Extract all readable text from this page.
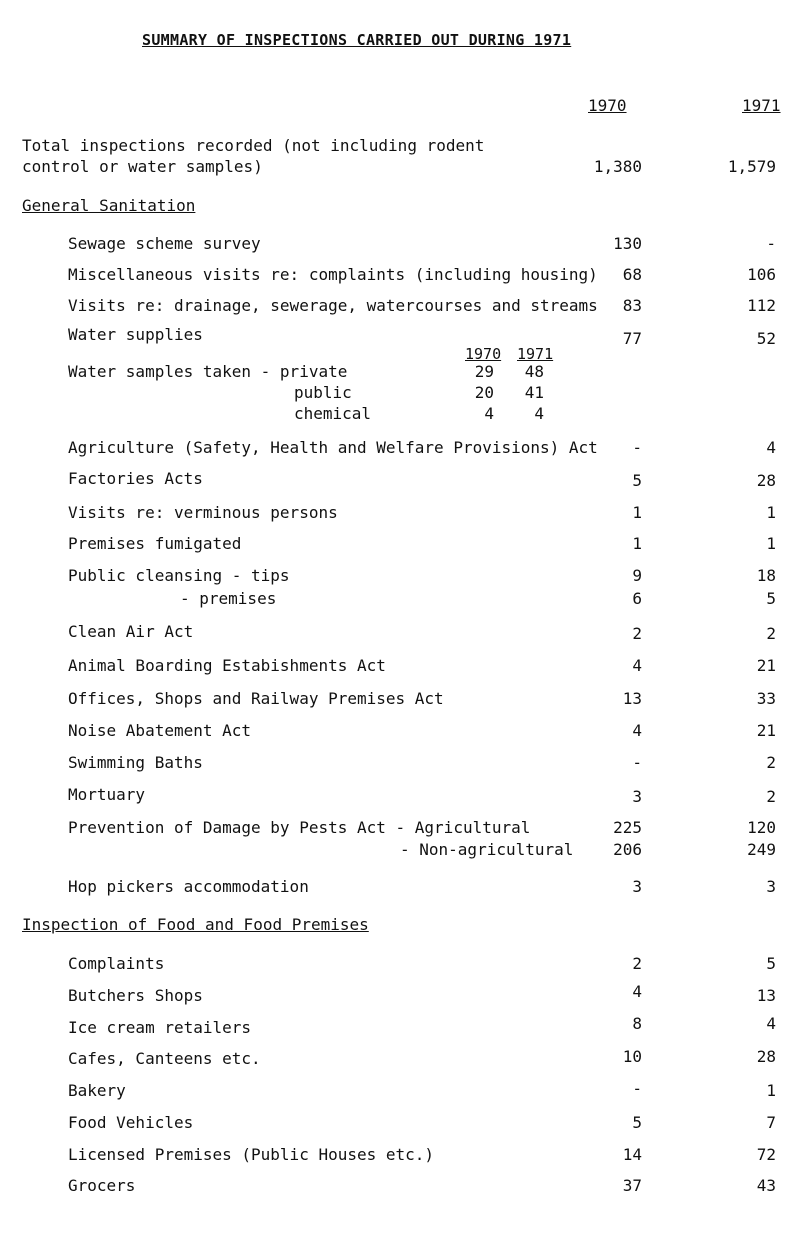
SUMMARY OF INSPECTIONS CARRIED OUT DURING 1971
1970	1971
Total inspections recorded (not including rodent
control or water samples)	1,380	1,579
General Sanitation
Sewage scheme survey	130	-
Miscellaneous visits re: complaints (including housing)	68	106
Visits re: drainage, sewerage, watercourses and streams	83	112
Water supplies	77	52
1970 1971
Water samples taken - private	29	48
public	20	41
chemical	4	4
Agriculture (Safety, Health and Welfare Provisions) Act	-	4
Factories Acts	5	28
Visits re: verminous persons	1	1
Premises fumigated	1	1
Public cleansing - tips	9	18
- premises	6	5
Clean Air Act	2	2
Animal Boarding Estabishments Act	4	21
Offices, Shops and Railway Premises Act	13	33
Noise Abatement Act	4	21
Swimming Baths	-	2
Mortuary	3	2
Prevention of Damage by Pests Act - Agricultural	225	120
- Non-agricultural	206	249
Hop pickers accommodation	3	3
Inspection of Food and Food Premises
Complaints	2	5
Butchers Shops	4	13
Ice cream retailers	8	4
Cafes, Canteens etc.	10	28
Bakery	-	1
Food Vehicles	5	7
Licensed Premises (Public Houses etc.)	14	72
Grocers	37	43
